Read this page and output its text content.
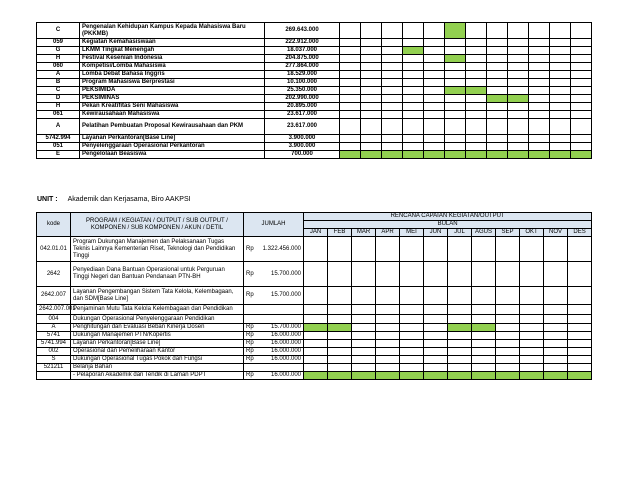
C	Pengenalan Kehidupan Kampus Kepada Mahasiswa Baru (PKKMB)	269.643.000												
059	Kegiatan Kemahasiswaan	222.912.000												
G	LKMM Tingkat Menengah	18.037.000												
H	Festival Kesenian Indonesia	204.875.000												
060	Kompetisi/Lomba Mahasiswa	277.864.000												
A	Lomba Debat Bahasa Inggris	18.529.000												
B	Program Mahasiswa Berprestasi	10.100.000												
C	PEKSIMIDA	25.350.000												
D	PEKSIMINAS	202.990.000												
H	Pekan Kreatifitas Seni Mahasiswa	20.895.000												
061	Kewirausahaan Mahasiswa	23.617.000												
A	Pelatihan Pembuatan Proposal Kewirausahaan dan PKM	23.617.000												
5742.994	Layanan Perkantoran[Base Line]	3.900.000												
051	Penyelenggaraan Operasional Perkantoran	3.900.000												
E	Pengelolaan Beasiswa	700.000												
UNIT : Akademik dan Kerjasama, Biro AAKPSI
kode	PROGRAM / KEGIATAN / OUTPUT / SUB OUTPUT / KOMPONEN / SUB KOMPONEN / AKUN / DETIL	JUMLAH		RENCANA CAPAIAN KEGIATAN/OUTPUT											
				BULAN											
				JAN	FEB	MAR	APR	MEI	JUN	JUL	AGUS	SEP	OKT	NOV	DES
042.01.01	Program Dukungan Manajemen dan Pelaksanaan Tugas Teknis Lainnya Kementerian Riset, Teknologi dan Pendidikan Tinggi	Rp	1.322.456.000												
2642	Penyediaan Dana Bantuan Operasional untuk Perguruan Tinggi Negeri dan Bantuan Pendanaan PTN-BH	Rp	15.700.000												
2642.007	Layanan Pengembangan Sistem Tata Kelola, Kelembagaan, dan SDM[Base Line]	Rp	15.700.000												
2642.007.001	Penjaminan Mutu Tata Kelola Kelembagaan dan Pendidikan														
004	Dukungan Operasional Penyelenggaraan Pendidikan														
A	Penghitungan dan Evaluasi Beban Kinerja Dosen	Rp	15.700.000												
5741	Dukungan Manajemen PTN/Kopertis	Rp	16.000.000												
5741.994	Layanan Perkantoran[Base Line]	Rp	16.000.000												
002	Operasional dan Pemeliharaan Kantor	Rp	16.000.000												
S	Dukungan Operasional Tugas Pokok dan Fungsi	Rp	16.000.000												
521211	Belanja Bahan														
	- Pelaporan Akademik dan Tendik di Laman PDPT	Rp	16.000.000												
